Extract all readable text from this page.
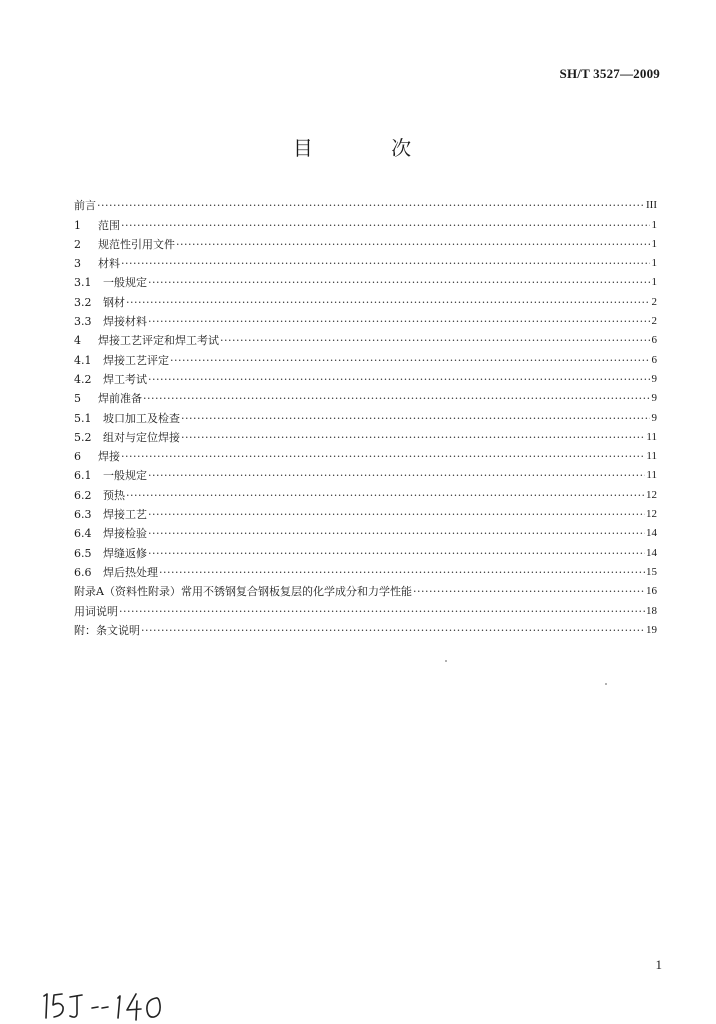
SH/T 3527—2009
目 次
前言 ·····	III
1	范围 ·····	1
2	规范性引用文件 ·····	1
3	材料 ·····	1
3.1	一般规定 ·····	1
3.2	钢材 ·····	2
3.3	焊接材料 ·····	2
4	焊接工艺评定和焊工考试 ·····	6
4.1	焊接工艺评定 ·····	6
4.2	焊工考试 ·····	9
5	焊前准备 ·····	9
5.1	坡口加工及检查 ·····	9
5.2	组对与定位焊接 ·····	11
6	焊接 ·····	11
6.1	一般规定 ·····	11
6.2	预热 ·····	12
6.3	焊接工艺 ·····	12
6.4	焊接检验 ·····	14
6.5	焊缝返修 ·····	14
6.6	焊后热处理 ·····	15
附录A（资料性附录）常用不锈钢复合钢板复层的化学成分和力学性能 ·····	16
用词说明 ·····	18
附：条文说明 ·····	19
1
